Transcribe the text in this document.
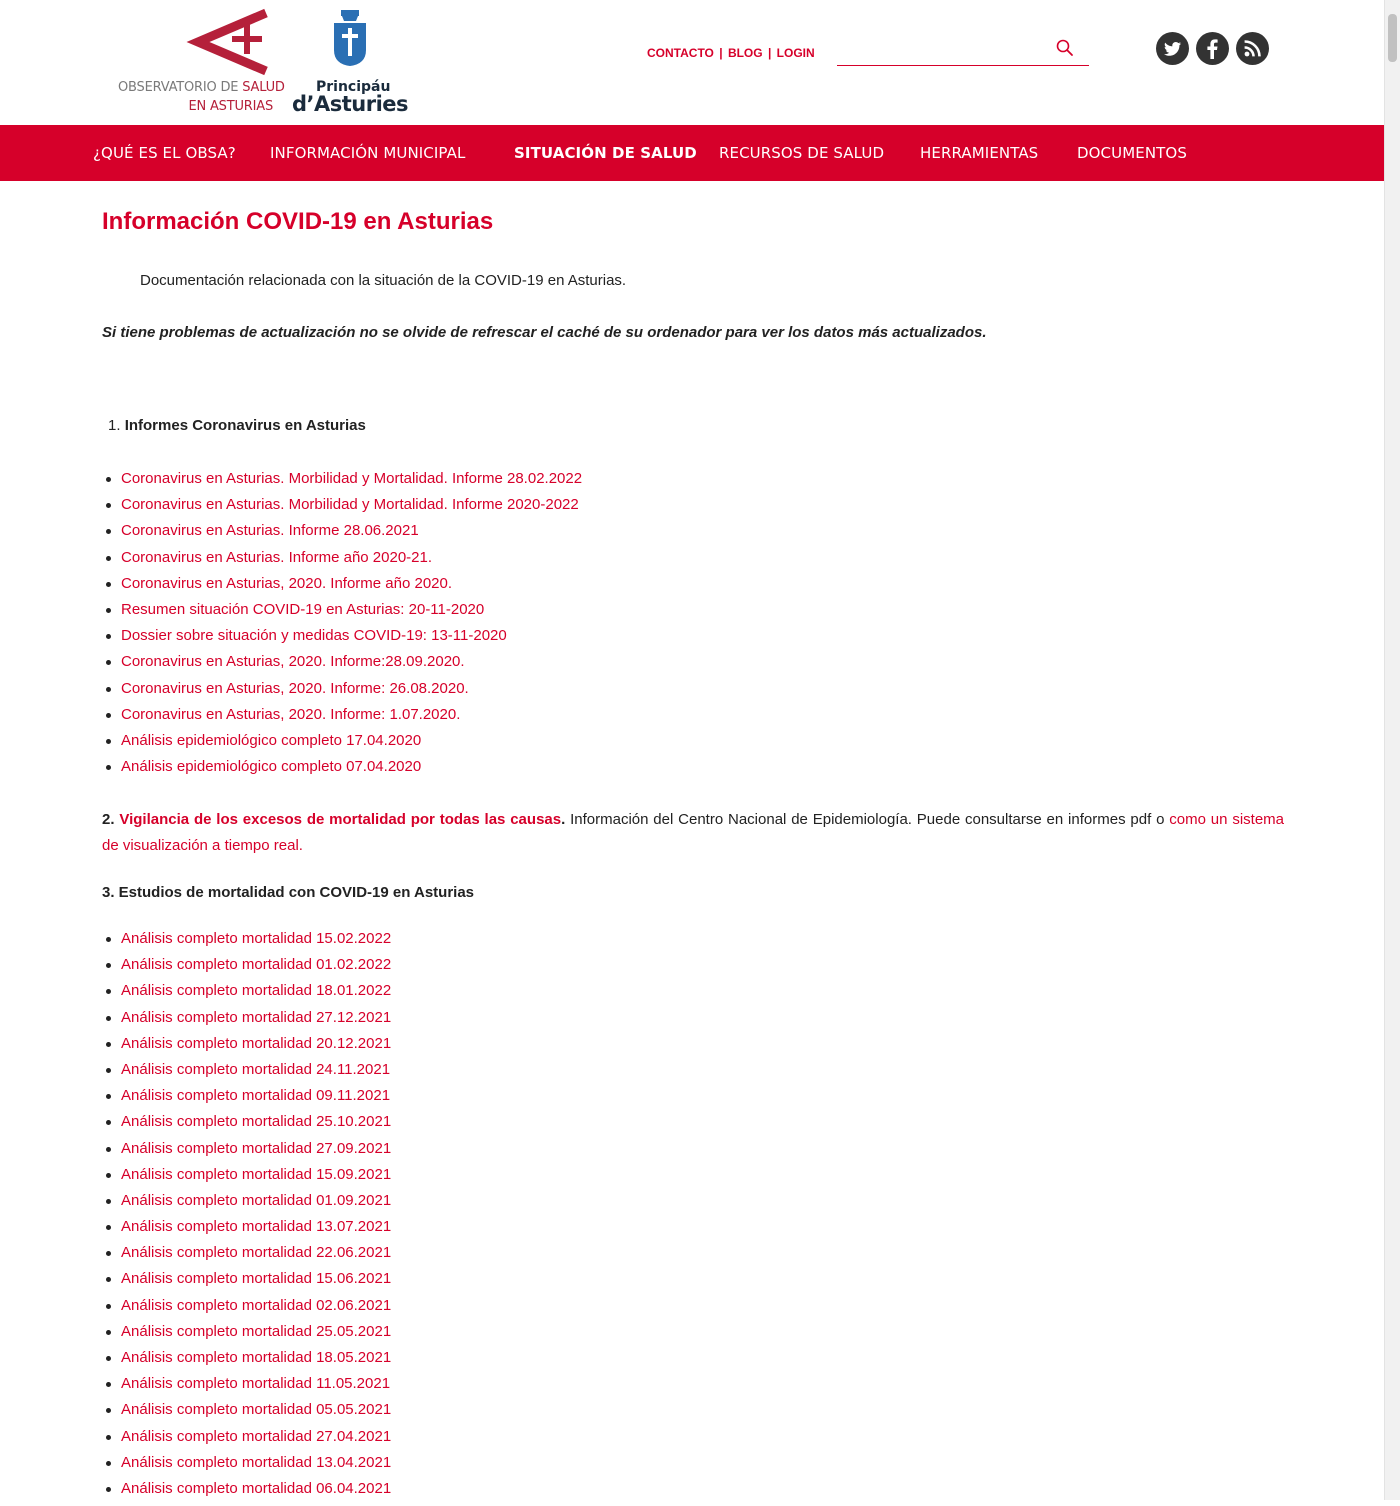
OBSERVATORIO DE SALUD
EN ASTURIAS
Principáu
d’Asturies
CONTACTO | BLOG | LOGIN
¿QUÉ ES EL OBSA? INFORMACIÓN MUNICIPAL	SITUACIÓN DE SALUD RECURSOS DE SALUD HERRAMIENTAS	DOCUMENTOS
Información COVID-19 en Asturias
Documentación relacionada con la situación de la COVID-19 en Asturias.
Si tiene problemas de actualización no se olvide de refrescar el caché de su ordenador para ver los datos más actualizados.
1. Informes Coronavirus en Asturias
Coronavirus en Asturias. Morbilidad y Mortalidad. Informe 28.02.2022
Coronavirus en Asturias. Morbilidad y Mortalidad. Informe 2020-2022
Coronavirus en Asturias. Informe 28.06.2021
Coronavirus en Asturias. Informe año 2020-21.
Coronavirus en Asturias, 2020. Informe año 2020.
Resumen situación COVID-19 en Asturias: 20-11-2020
Dossier sobre situación y medidas COVID-19: 13-11-2020
Coronavirus en Asturias, 2020. Informe:28.09.2020.
Coronavirus en Asturias, 2020. Informe: 26.08.2020.
Coronavirus en Asturias, 2020. Informe: 1.07.2020.
Análisis epidemiológico completo 17.04.2020
Análisis epidemiológico completo 07.04.2020
2. Vigilancia de los excesos de mortalidad por todas las causas. Información del Centro Nacional de Epidemiología. Puede consultarse en informes pdf o como un sistema de visualización a tiempo real.
3. Estudios de mortalidad con COVID-19 en Asturias
Análisis completo mortalidad 15.02.2022
Análisis completo mortalidad 01.02.2022
Análisis completo mortalidad 18.01.2022
Análisis completo mortalidad 27.12.2021
Análisis completo mortalidad 20.12.2021
Análisis completo mortalidad 24.11.2021
Análisis completo mortalidad 09.11.2021
Análisis completo mortalidad 25.10.2021
Análisis completo mortalidad 27.09.2021
Análisis completo mortalidad 15.09.2021
Análisis completo mortalidad 01.09.2021
Análisis completo mortalidad 13.07.2021
Análisis completo mortalidad 22.06.2021
Análisis completo mortalidad 15.06.2021
Análisis completo mortalidad 02.06.2021
Análisis completo mortalidad 25.05.2021
Análisis completo mortalidad 18.05.2021
Análisis completo mortalidad 11.05.2021
Análisis completo mortalidad 05.05.2021
Análisis completo mortalidad 27.04.2021
Análisis completo mortalidad 13.04.2021
Análisis completo mortalidad 06.04.2021
